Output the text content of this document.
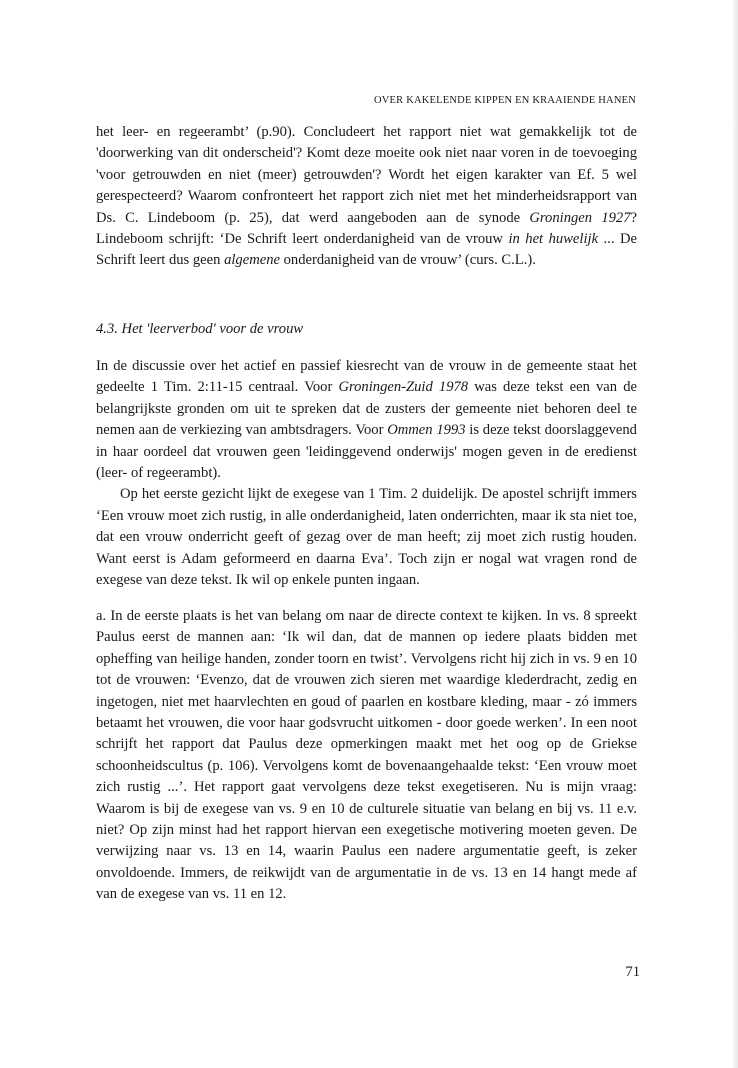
OVER KAKELENDE KIPPEN EN KRAAIENDE HANEN

het leer- en regeerambt’ (p.90). Concludeert het rapport niet wat gemakkelijk tot de 'doorwerking van dit onderscheid'? Komt deze moeite ook niet naar voren in de toevoeging 'voor getrouwden en niet (meer) getrouwden'? Wordt het eigen karakter van Ef. 5 wel gerespecteerd? Waarom confronteert het rapport zich niet met het minderheidsrapport van Ds. C. Lindeboom (p. 25), dat werd aangeboden aan de synode Groningen 1927? Lindeboom schrijft: ‘De Schrift leert onderdanigheid van de vrouw in het huwelijk ... De Schrift leert dus geen algemene onderdanigheid van de vrouw’ (curs. C.L.).

4.3. Het 'leerverbod' voor de vrouw

In de discussie over het actief en passief kiesrecht van de vrouw in de gemeente staat het gedeelte 1 Tim. 2:11-15 centraal. Voor Groningen-Zuid 1978 was deze tekst een van de belangrijkste gronden om uit te spreken dat de zusters der gemeente niet behoren deel te nemen aan de verkiezing van ambtsdragers. Voor Ommen 1993 is deze tekst doorslaggevend in haar oordeel dat vrouwen geen 'leidinggevend onderwijs' mogen geven in de eredienst (leer- of regeerambt).

Op het eerste gezicht lijkt de exegese van 1 Tim. 2 duidelijk. De apostel schrijft immers ‘Een vrouw moet zich rustig, in alle onderdanigheid, laten onderrichten, maar ik sta niet toe, dat een vrouw onderricht geeft of gezag over de man heeft; zij moet zich rustig houden. Want eerst is Adam geformeerd en daarna Eva’. Toch zijn er nogal wat vragen rond de exegese van deze tekst. Ik wil op enkele punten ingaan.

a. In de eerste plaats is het van belang om naar de directe context te kijken. In vs. 8 spreekt Paulus eerst de mannen aan: ‘Ik wil dan, dat de mannen op iedere plaats bidden met opheffing van heilige handen, zonder toorn en twist’. Vervolgens richt hij zich in vs. 9 en 10 tot de vrouwen: ‘Evenzo, dat de vrouwen zich sieren met waardige klederdracht, zedig en ingetogen, niet met haarvlechten en goud of paarlen en kostbare kleding, maar - zó immers betaamt het vrouwen, die voor haar godsvrucht uitkomen - door goede werken’. In een noot schrijft het rapport dat Paulus deze opmerkingen maakt met het oog op de Griekse schoonheidscultus (p. 106). Vervolgens komt de bovenaangehaalde tekst: ‘Een vrouw moet zich rustig ...’. Het rapport gaat vervolgens deze tekst exegetiseren. Nu is mijn vraag: Waarom is bij de exegese van vs. 9 en 10 de culturele situatie van belang en bij vs. 11 e.v. niet? Op zijn minst had het rapport hiervan een exegetische motivering moeten geven. De verwijzing naar vs. 13 en 14, waarin Paulus een nadere argumentatie geeft, is zeker onvoldoende. Immers, de reikwijdt van de argumentatie in de vs. 13 en 14 hangt mede af van de exegese van vs. 11 en 12.

71
